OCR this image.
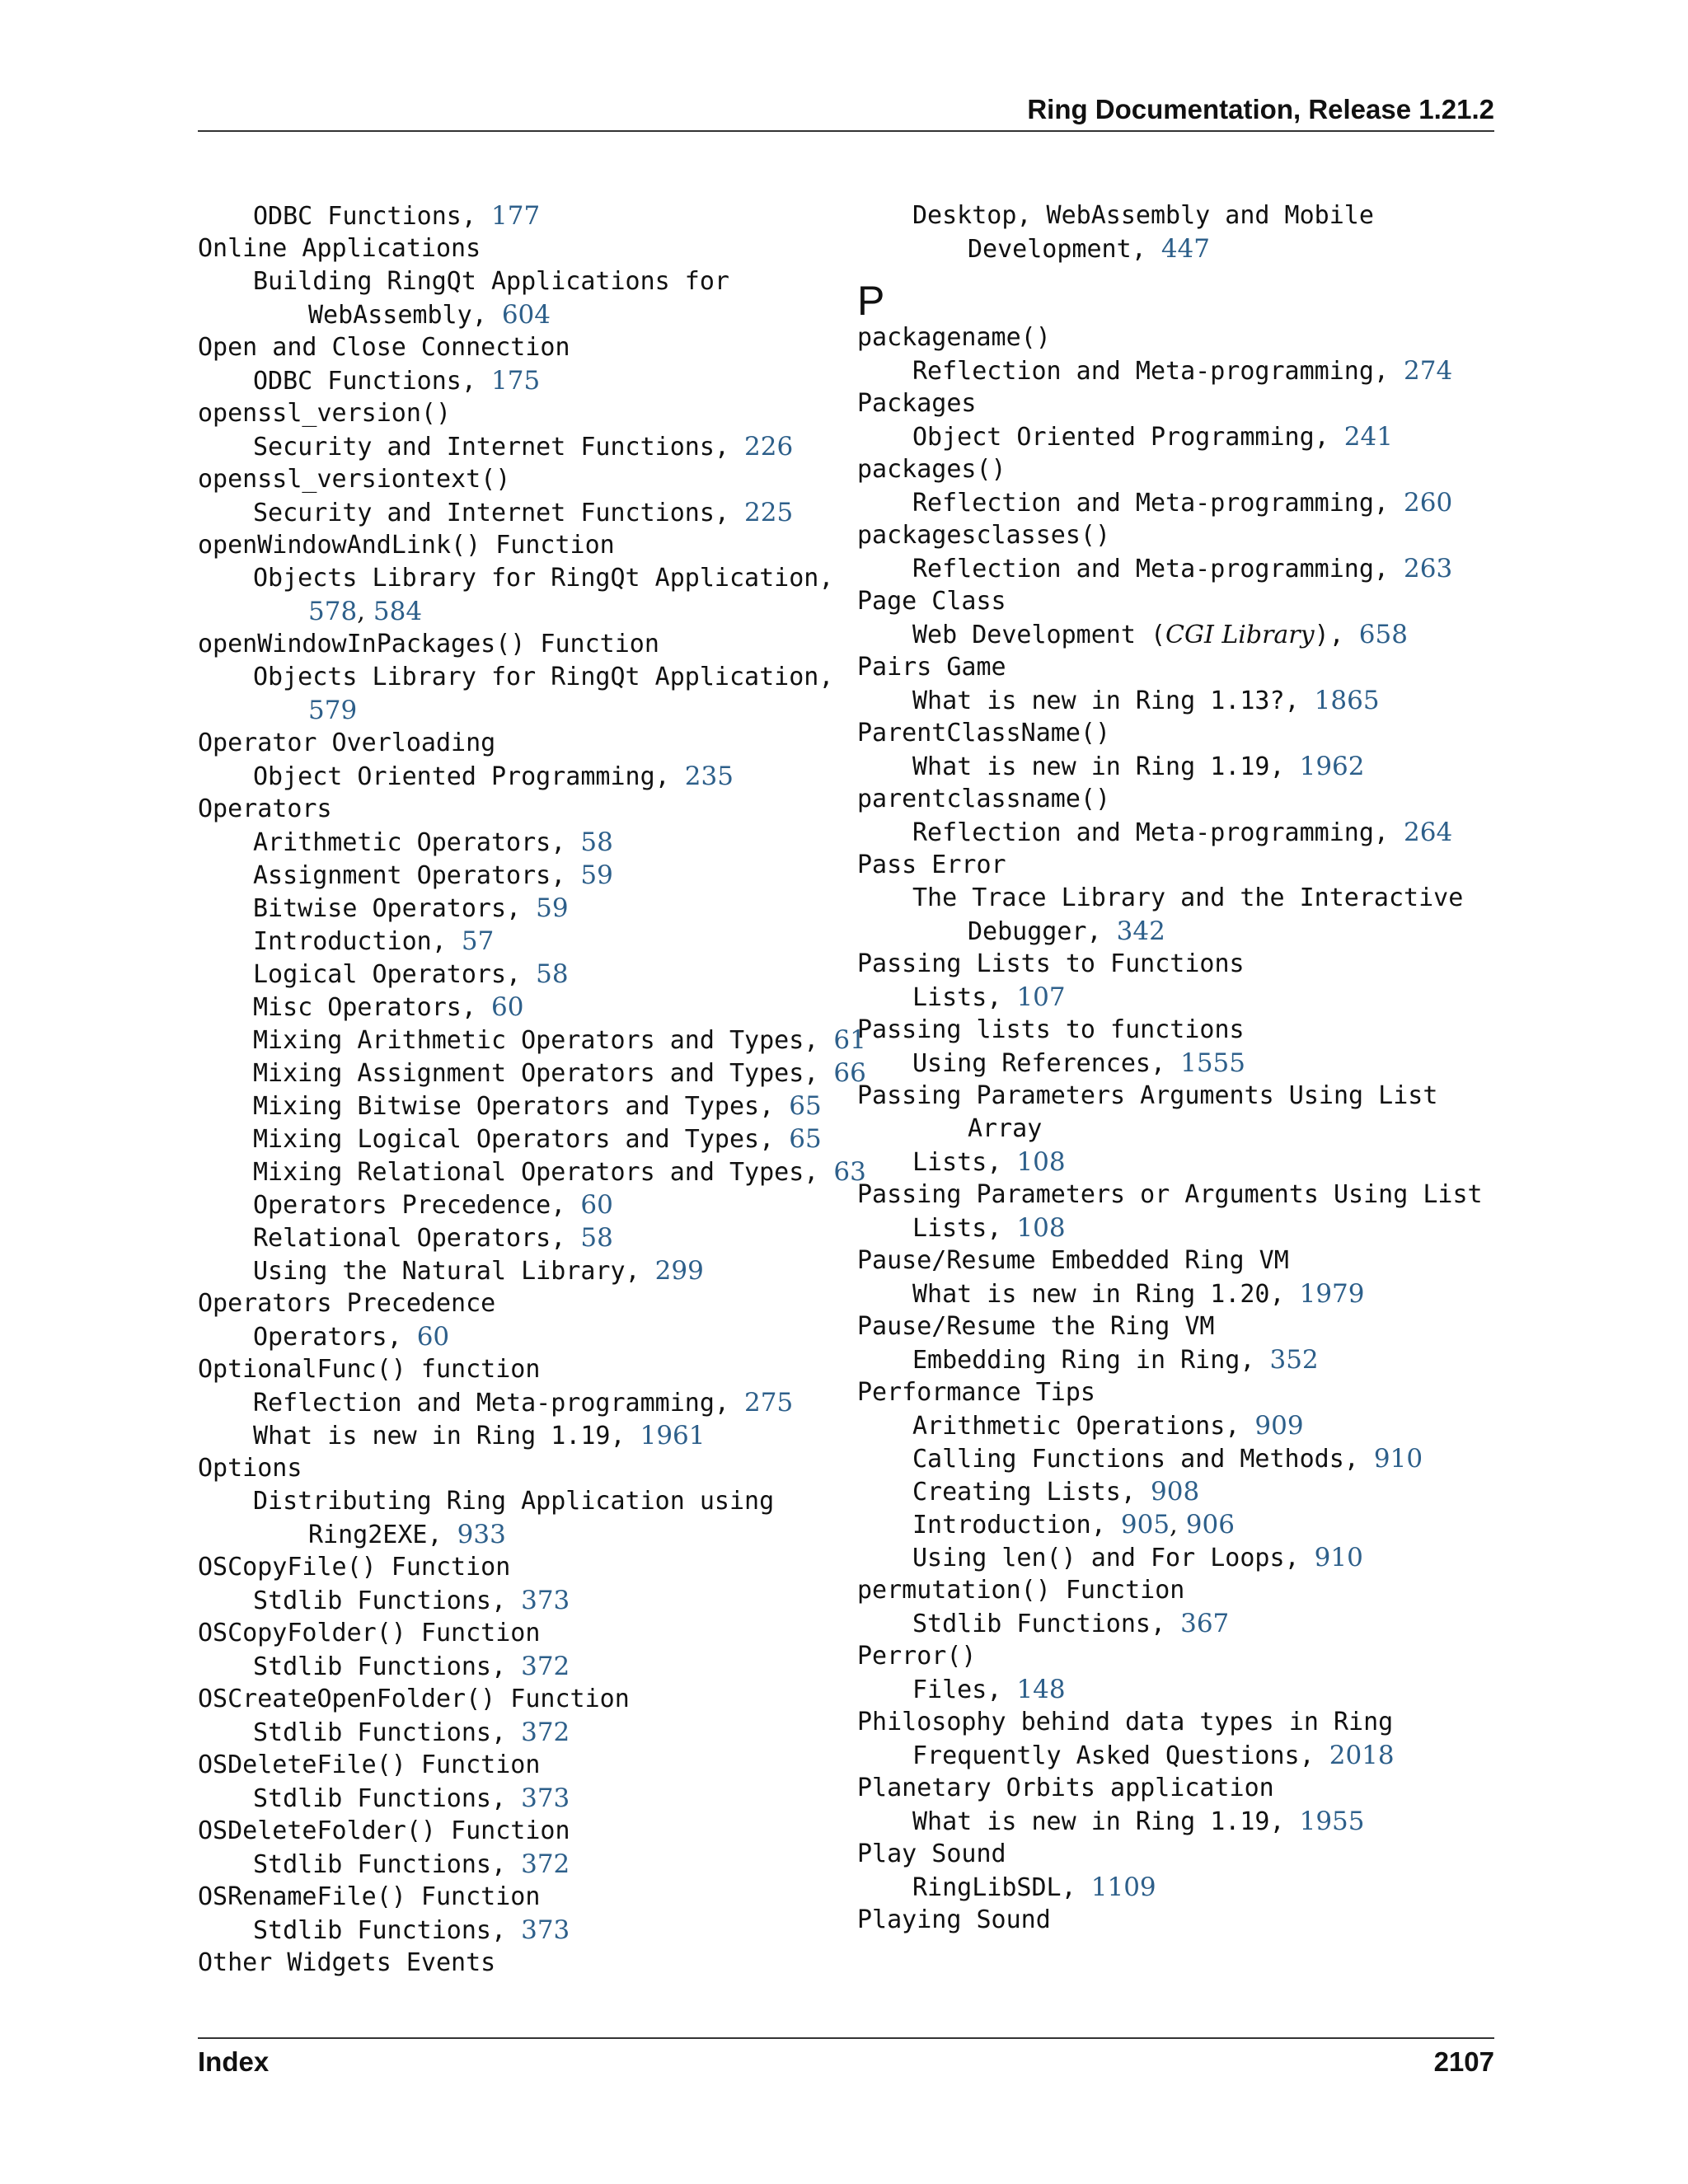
Ring Documentation, Release 1.21.2
ODBC Functions, 177
Online Applications
Building RingQt Applications for
WebAssembly, 604
Open and Close Connection
ODBC Functions, 175
openssl_version()
Security and Internet Functions, 226
openssl_versiontext()
Security and Internet Functions, 225
openWindowAndLink() Function
Objects Library for RingQt Application,
578 , 584
openWindowInPackages() Function
Objects Library for RingQt Application,
579
Operator Overloading
Object Oriented Programming, 235
Operators
Arithmetic Operators, 58
Assignment Operators, 59
Bitwise Operators, 59
Introduction, 57
Logical Operators, 58
Misc Operators, 60
Mixing Arithmetic Operators and Types, 61
Mixing Assignment Operators and Types, 66
Mixing Bitwise Operators and Types, 65
Mixing Logical Operators and Types, 65
Mixing Relational Operators and Types, 63
Operators Precedence, 60
Relational Operators, 58
Using the Natural Library, 299
Operators Precedence
Operators, 60
OptionalFunc() function
Reflection and Meta-programming, 275
What is new in Ring 1.19, 1961
Options
Distributing Ring Application using
Ring2EXE, 933
OSCopyFile() Function
Stdlib Functions, 373
OSCopyFolder() Function
Stdlib Functions, 372
OSCreateOpenFolder() Function
Stdlib Functions, 372
OSDeleteFile() Function
Stdlib Functions, 373
OSDeleteFolder() Function
Stdlib Functions, 372
OSRenameFile() Function
Stdlib Functions, 373
Other Widgets Events
Desktop, WebAssembly and Mobile
Development, 447
P
packagename()
Reflection and Meta-programming, 274
Packages
Object Oriented Programming, 241
packages()
Reflection and Meta-programming, 260
packagesclasses()
Reflection and Meta-programming, 263
Page Class
Web Development (CGI Library), 658
Pairs Game
What is new in Ring 1.13?, 1865
ParentClassName()
What is new in Ring 1.19, 1962
parentclassname()
Reflection and Meta-programming, 264
Pass Error
The Trace Library and the Interactive
Debugger, 342
Passing Lists to Functions
Lists, 107
Passing lists to functions
Using References, 1555
Passing Parameters Arguments Using List
Array
Lists, 108
Passing Parameters or Arguments Using List
Lists, 108
Pause/Resume Embedded Ring VM
What is new in Ring 1.20, 1979
Pause/Resume the Ring VM
Embedding Ring in Ring, 352
Performance Tips
Arithmetic Operations, 909
Calling Functions and Methods, 910
Creating Lists, 908
Introduction, 905 , 906
Using len() and For Loops, 910
permutation() Function
Stdlib Functions, 367
Perror()
Files, 148
Philosophy behind data types in Ring
Frequently Asked Questions, 2018
Planetary Orbits application
What is new in Ring 1.19, 1955
Play Sound
RingLibSDL, 1109
Playing Sound
Index	2107
